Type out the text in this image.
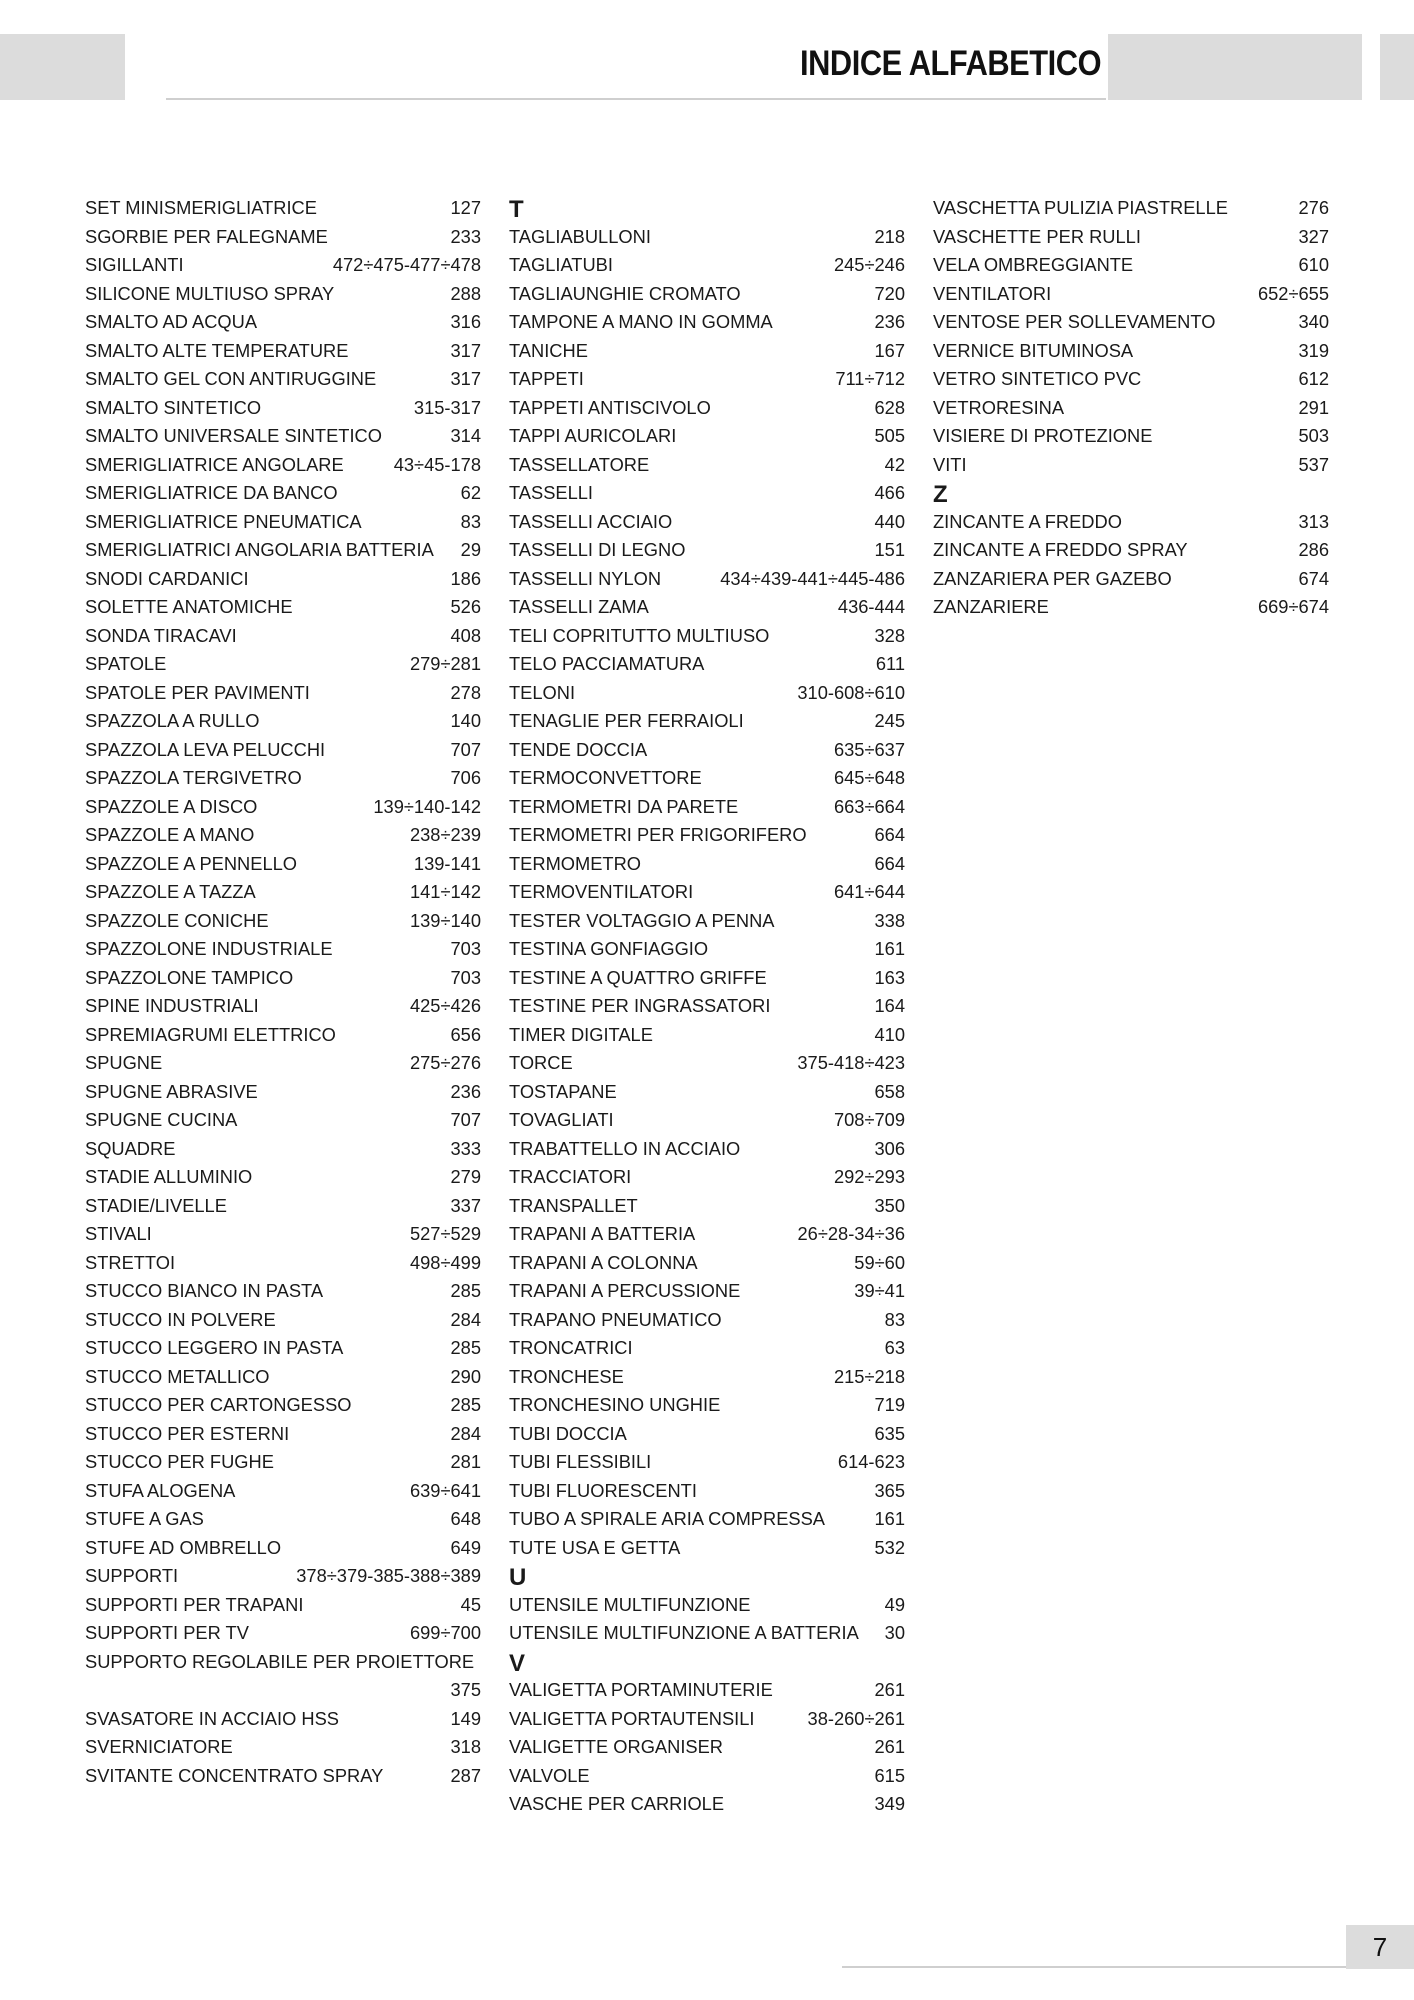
INDICE ALFABETICO
SET MINISMERIGLIATRICE	127
SGORBIE PER FALEGNAME	233
SIGILLANTI	472÷475-477÷478
SILICONE MULTIUSO SPRAY	288
SMALTO AD ACQUA	316
SMALTO ALTE TEMPERATURE	317
SMALTO GEL CON ANTIRUGGINE	317
SMALTO SINTETICO	315-317
SMALTO UNIVERSALE SINTETICO	314
SMERIGLIATRICE ANGOLARE	43÷45-178
SMERIGLIATRICE DA BANCO	62
SMERIGLIATRICE PNEUMATICA	83
SMERIGLIATRICI ANGOLARIA BATTERIA	29
SNODI CARDANICI	186
SOLETTE ANATOMICHE	526
SONDA TIRACAVI	408
SPATOLE	279÷281
SPATOLE PER PAVIMENTI	278
SPAZZOLA A RULLO	140
SPAZZOLA LEVA PELUCCHI	707
SPAZZOLA TERGIVETRO	706
SPAZZOLE A DISCO	139÷140-142
SPAZZOLE A MANO	238÷239
SPAZZOLE A PENNELLO	139-141
SPAZZOLE A TAZZA	141÷142
SPAZZOLE CONICHE	139÷140
SPAZZOLONE INDUSTRIALE	703
SPAZZOLONE TAMPICO	703
SPINE INDUSTRIALI	425÷426
SPREMIAGRUMI ELETTRICO	656
SPUGNE	275÷276
SPUGNE ABRASIVE	236
SPUGNE CUCINA	707
SQUADRE	333
STADIE ALLUMINIO	279
STADIE/LIVELLE	337
STIVALI	527÷529
STRETTOI	498÷499
STUCCO BIANCO IN PASTA	285
STUCCO IN POLVERE	284
STUCCO LEGGERO IN PASTA	285
STUCCO METALLICO	290
STUCCO PER CARTONGESSO	285
STUCCO PER ESTERNI	284
STUCCO PER FUGHE	281
STUFA ALOGENA	639÷641
STUFE A GAS	648
STUFE AD OMBRELLO	649
SUPPORTI	378÷379-385-388÷389
SUPPORTI PER TRAPANI	45
SUPPORTI PER TV	699÷700
SUPPORTO REGOLABILE PER PROIETTORE
375
SVASATORE IN ACCIAIO HSS	149
SVERNICIATORE	318
SVITANTE CONCENTRATO SPRAY	287
T
TAGLIABULLONI	218
TAGLIATUBI	245÷246
TAGLIAUNGHIE CROMATO	720
TAMPONE A MANO IN GOMMA	236
TANICHE	167
TAPPETI	711÷712
TAPPETI ANTISCIVOLO	628
TAPPI AURICOLARI	505
TASSELLATORE	42
TASSELLI	466
TASSELLI ACCIAIO	440
TASSELLI DI LEGNO	151
TASSELLI NYLON	434÷439-441÷445-486
TASSELLI ZAMA	436-444
TELI COPRITUTTO MULTIUSO	328
TELO PACCIAMATURA	611
TELONI	310-608÷610
TENAGLIE PER FERRAIOLI	245
TENDE DOCCIA	635÷637
TERMOCONVETTORE	645÷648
TERMOMETRI DA PARETE	663÷664
TERMOMETRI PER FRIGORIFERO	664
TERMOMETRO	664
TERMOVENTILATORI	641÷644
TESTER VOLTAGGIO A PENNA	338
TESTINA GONFIAGGIO	161
TESTINE A QUATTRO GRIFFE	163
TESTINE PER INGRASSATORI	164
TIMER DIGITALE	410
TORCE	375-418÷423
TOSTAPANE	658
TOVAGLIATI	708÷709
TRABATTELLO IN ACCIAIO	306
TRACCIATORI	292÷293
TRANSPALLET	350
TRAPANI A BATTERIA	26÷28-34÷36
TRAPANI A COLONNA	59÷60
TRAPANI A PERCUSSIONE	39÷41
TRAPANO PNEUMATICO	83
TRONCATRICI	63
TRONCHESE	215÷218
TRONCHESINO UNGHIE	719
TUBI DOCCIA	635
TUBI FLESSIBILI	614-623
TUBI FLUORESCENTI	365
TUBO A SPIRALE ARIA COMPRESSA	161
TUTE USA E GETTA	532
U
UTENSILE MULTIFUNZIONE	49
UTENSILE MULTIFUNZIONE A BATTERIA	30
V
VALIGETTA PORTAMINUTERIE	261
VALIGETTA PORTAUTENSILI	38-260÷261
VALIGETTE ORGANISER	261
VALVOLE	615
VASCHE PER CARRIOLE	349
VASCHETTA PULIZIA PIASTRELLE	276
VASCHETTE PER RULLI	327
VELA OMBREGGIANTE	610
VENTILATORI	652÷655
VENTOSE PER SOLLEVAMENTO	340
VERNICE BITUMINOSA	319
VETRO SINTETICO PVC	612
VETRORESINA	291
VISIERE DI PROTEZIONE	503
VITI	537
Z
ZINCANTE A FREDDO	313
ZINCANTE A FREDDO SPRAY	286
ZANZARIERA PER GAZEBO	674
ZANZARIERE	669÷674
7
